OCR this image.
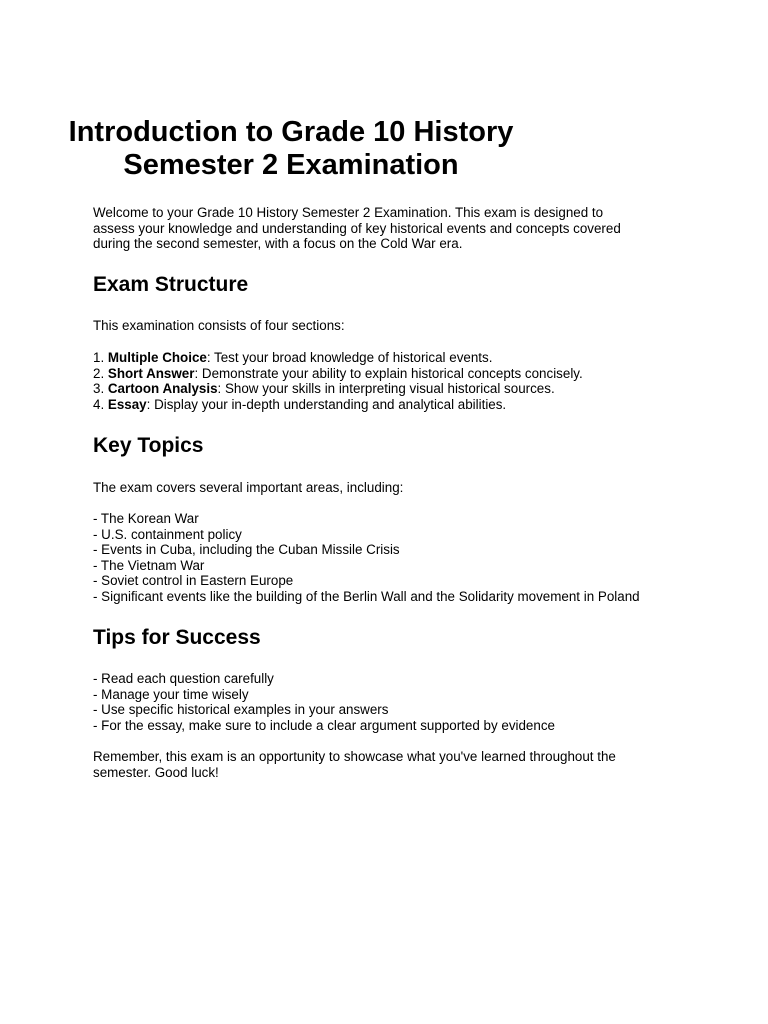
Introduction to Grade 10 History
Semester 2 Examination
Welcome to your Grade 10 History Semester 2 Examination. This exam is designed to
assess your knowledge and understanding of key historical events and concepts covered
during the second semester, with a focus on the Cold War era.
Exam Structure
This examination consists of four sections:
1. Multiple Choice: Test your broad knowledge of historical events.
2. Short Answer: Demonstrate your ability to explain historical concepts concisely.
3. Cartoon Analysis: Show your skills in interpreting visual historical sources.
4. Essay: Display your in-depth understanding and analytical abilities.
Key Topics
The exam covers several important areas, including:
- The Korean War
- U.S. containment policy
- Events in Cuba, including the Cuban Missile Crisis
- The Vietnam War
- Soviet control in Eastern Europe
- Significant events like the building of the Berlin Wall and the Solidarity movement in Poland
Tips for Success
- Read each question carefully
- Manage your time wisely
- Use specific historical examples in your answers
- For the essay, make sure to include a clear argument supported by evidence
Remember, this exam is an opportunity to showcase what you've learned throughout the
semester. Good luck!
